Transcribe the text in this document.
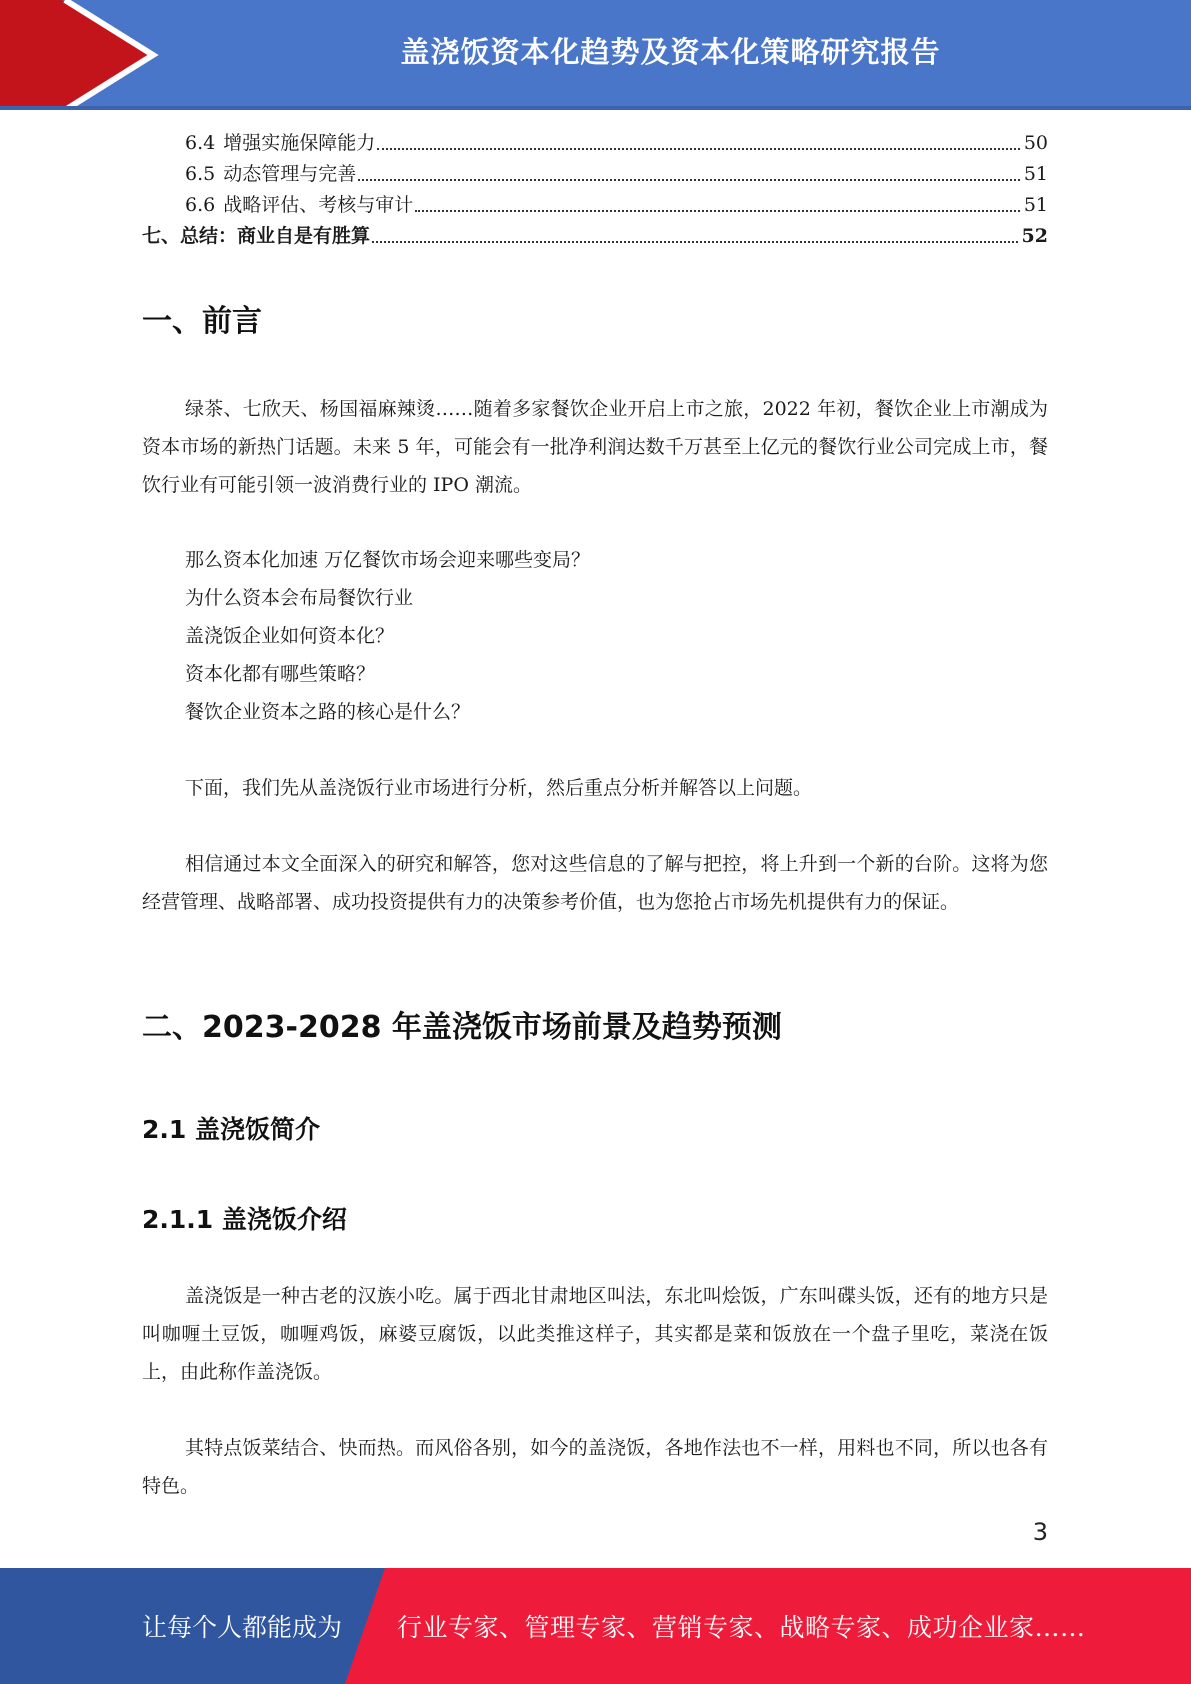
盖浇饭资本化趋势及资本化策略研究报告
6.4 增强实施保障能力	50
6.5 动态管理与完善	51
6.6 战略评估、考核与审计	51
七、总结：商业自是有胜算	52
一、前言

绿茶、七欣天、杨国福麻辣烫……随着多家餐饮企业开启上市之旅，2022 年初，餐饮企业上市潮成为资本市场的新热门话题。未来 5 年，可能会有一批净利润达数千万甚至上亿元的餐饮行业公司完成上市，餐饮行业有可能引领一波消费行业的 IPO 潮流。

那么资本化加速 万亿餐饮市场会迎来哪些变局？
为什么资本会布局餐饮行业
盖浇饭企业如何资本化？
资本化都有哪些策略？
餐饮企业资本之路的核心是什么？

下面，我们先从盖浇饭行业市场进行分析，然后重点分析并解答以上问题。

相信通过本文全面深入的研究和解答，您对这些信息的了解与把控，将上升到一个新的台阶。这将为您经营管理、战略部署、成功投资提供有力的决策参考价值，也为您抢占市场先机提供有力的保证。

二、2023-2028 年盖浇饭市场前景及趋势预测
2.1 盖浇饭简介
2.1.1 盖浇饭介绍

盖浇饭是一种古老的汉族小吃。属于西北甘肃地区叫法，东北叫烩饭，广东叫碟头饭，还有的地方只是叫咖喱土豆饭，咖喱鸡饭，麻婆豆腐饭，以此类推这样子，其实都是菜和饭放在一个盘子里吃，菜浇在饭上，由此称作盖浇饭。

其特点饭菜结合、快而热。而风俗各别，如今的盖浇饭，各地作法也不一样，用料也不同，所以也各有特色。

3
让每个人都能成为 行业专家、管理专家、营销专家、战略专家、成功企业家……
